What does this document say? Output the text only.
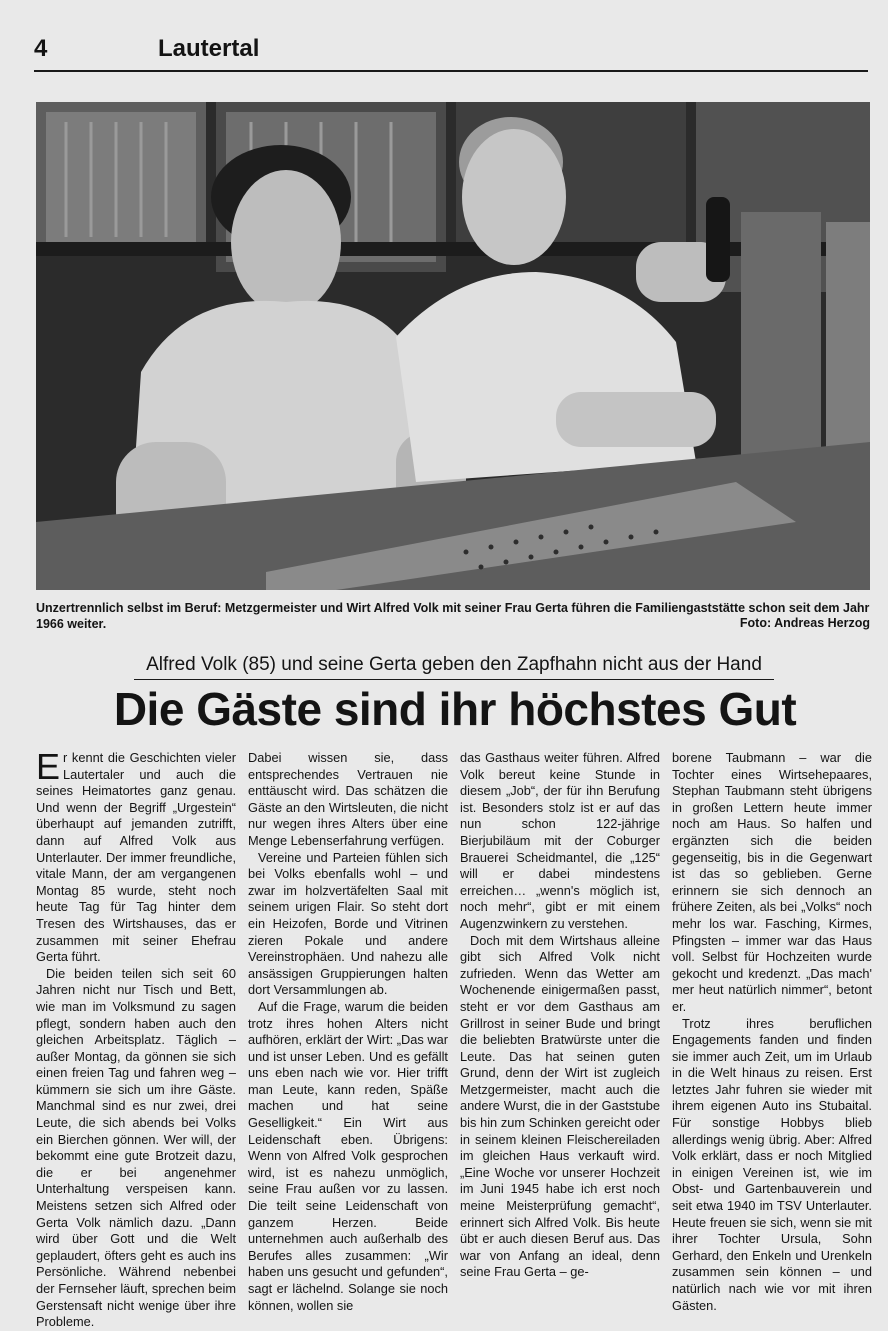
4	Lautertal
Unzertrennlich selbst im Beruf: Metzgermeister und Wirt Alfred Volk mit seiner Frau Gerta führen die Familiengaststätte schon seit dem Jahr 1966 weiter.	Foto: Andreas Herzog
Alfred Volk (85) und seine Gerta geben den Zapfhahn nicht aus der Hand
Die Gäste sind ihr höchstes Gut

Er kennt die Geschichten vieler Lautertaler und auch die seines Heimatortes ganz genau. Und wenn der Begriff „Urgestein“ überhaupt auf jemanden zutrifft, dann auf Alfred Volk aus Unterlauter. Der immer freundliche, vitale Mann, der am vergangenen Montag 85 wurde, steht noch heute Tag für Tag hinter dem Tresen des Wirtshauses, das er zusammen mit seiner Ehefrau Gerta führt.

Die beiden teilen sich seit 60 Jahren nicht nur Tisch und Bett, wie man im Volksmund zu sagen pflegt, sondern haben auch den gleichen Arbeitsplatz. Täglich – außer Montag, da gönnen sie sich einen freien Tag und fahren weg – kümmern sie sich um ihre Gäste. Manchmal sind es nur zwei, drei Leute, die sich abends bei Volks ein Bierchen gönnen. Wer will, der bekommt eine gute Brotzeit dazu, die er bei angenehmer Unterhaltung verspeisen kann. Meistens setzen sich Alfred oder Gerta Volk nämlich dazu. „Dann wird über Gott und die Welt geplaudert, öfters geht es auch ins Persönliche. Während nebenbei der Fernseher läuft, sprechen beim Gerstensaft nicht wenige über ihre Probleme.

Dabei wissen sie, dass entsprechendes Vertrauen nie enttäuscht wird. Das schätzen die Gäste an den Wirtsleuten, die nicht nur wegen ihres Alters über eine Menge Lebenserfahrung verfügen.

Vereine und Parteien fühlen sich bei Volks ebenfalls wohl – und zwar im holzvertäfelten Saal mit seinem urigen Flair. So steht dort ein Heizofen, Borde und Vitrinen zieren Pokale und andere Vereinstrophäen. Und nahezu alle ansässigen Gruppierungen halten dort Versammlungen ab.

Auf die Frage, warum die beiden trotz ihres hohen Alters nicht aufhören, erklärt der Wirt: „Das war und ist unser Leben. Und es gefällt uns eben nach wie vor. Hier trifft man Leute, kann reden, Späße machen und hat seine Geselligkeit.“ Ein Wirt aus Leidenschaft eben. Übrigens: Wenn von Alfred Volk gesprochen wird, ist es nahezu unmöglich, seine Frau außen vor zu lassen. Die teilt seine Leidenschaft von ganzem Herzen. Beide unternehmen auch außerhalb des Berufes alles zusammen: „Wir haben uns gesucht und gefunden“, sagt er lächelnd. Solange sie noch können, wollen sie

das Gasthaus weiter führen. Alfred Volk bereut keine Stunde in diesem „Job“, der für ihn Berufung ist. Besonders stolz ist er auf das nun schon 122-jährige Bierjubiläum mit der Coburger Brauerei Scheidmantel, die „125“ will er dabei mindestens erreichen… „wenn's möglich ist, noch mehr“, gibt er mit einem Augenzwinkern zu verstehen.

Doch mit dem Wirtshaus alleine gibt sich Alfred Volk nicht zufrieden. Wenn das Wetter am Wochenende einigermaßen passt, steht er vor dem Gasthaus am Grillrost in seiner Bude und bringt die beliebten Bratwürste unter die Leute. Das hat seinen guten Grund, denn der Wirt ist zugleich Metzgermeister, macht auch die andere Wurst, die in der Gaststube bis hin zum Schinken gereicht oder in seinem kleinen Fleischereiladen im gleichen Haus verkauft wird. „Eine Woche vor unserer Hochzeit im Juni 1945 habe ich erst noch meine Meisterprüfung gemacht“, erinnert sich Alfred Volk. Bis heute übt er auch diesen Beruf aus. Das war von Anfang an ideal, denn seine Frau Gerta – ge-

borene Taubmann – war die Tochter eines Wirtsehepaares, Stephan Taubmann steht übrigens in großen Lettern heute immer noch am Haus. So halfen und ergänzten sich die beiden gegenseitig, bis in die Gegenwart ist das so geblieben. Gerne erinnern sie sich dennoch an frühere Zeiten, als bei „Volks“ noch mehr los war. Fasching, Kirmes, Pfingsten – immer war das Haus voll. Selbst für Hochzeiten wurde gekocht und kredenzt. „Das mach' mer heut natürlich nimmer“, betont er.

Trotz ihres beruflichen Engagements fanden und finden sie immer auch Zeit, um im Urlaub in die Welt hinaus zu reisen. Erst letztes Jahr fuhren sie wieder mit ihrem eigenen Auto ins Stubaital. Für sonstige Hobbys blieb allerdings wenig übrig. Aber: Alfred Volk erklärt, dass er noch Mitglied in einigen Vereinen ist, wie im Obst- und Gartenbauverein und seit etwa 1940 im TSV Unterlauter. Heute freuen sie sich, wenn sie mit ihrer Tochter Ursula, Sohn Gerhard, den Enkeln und Urenkeln zusammen sein können – und natürlich nach wie vor mit ihren Gästen.
